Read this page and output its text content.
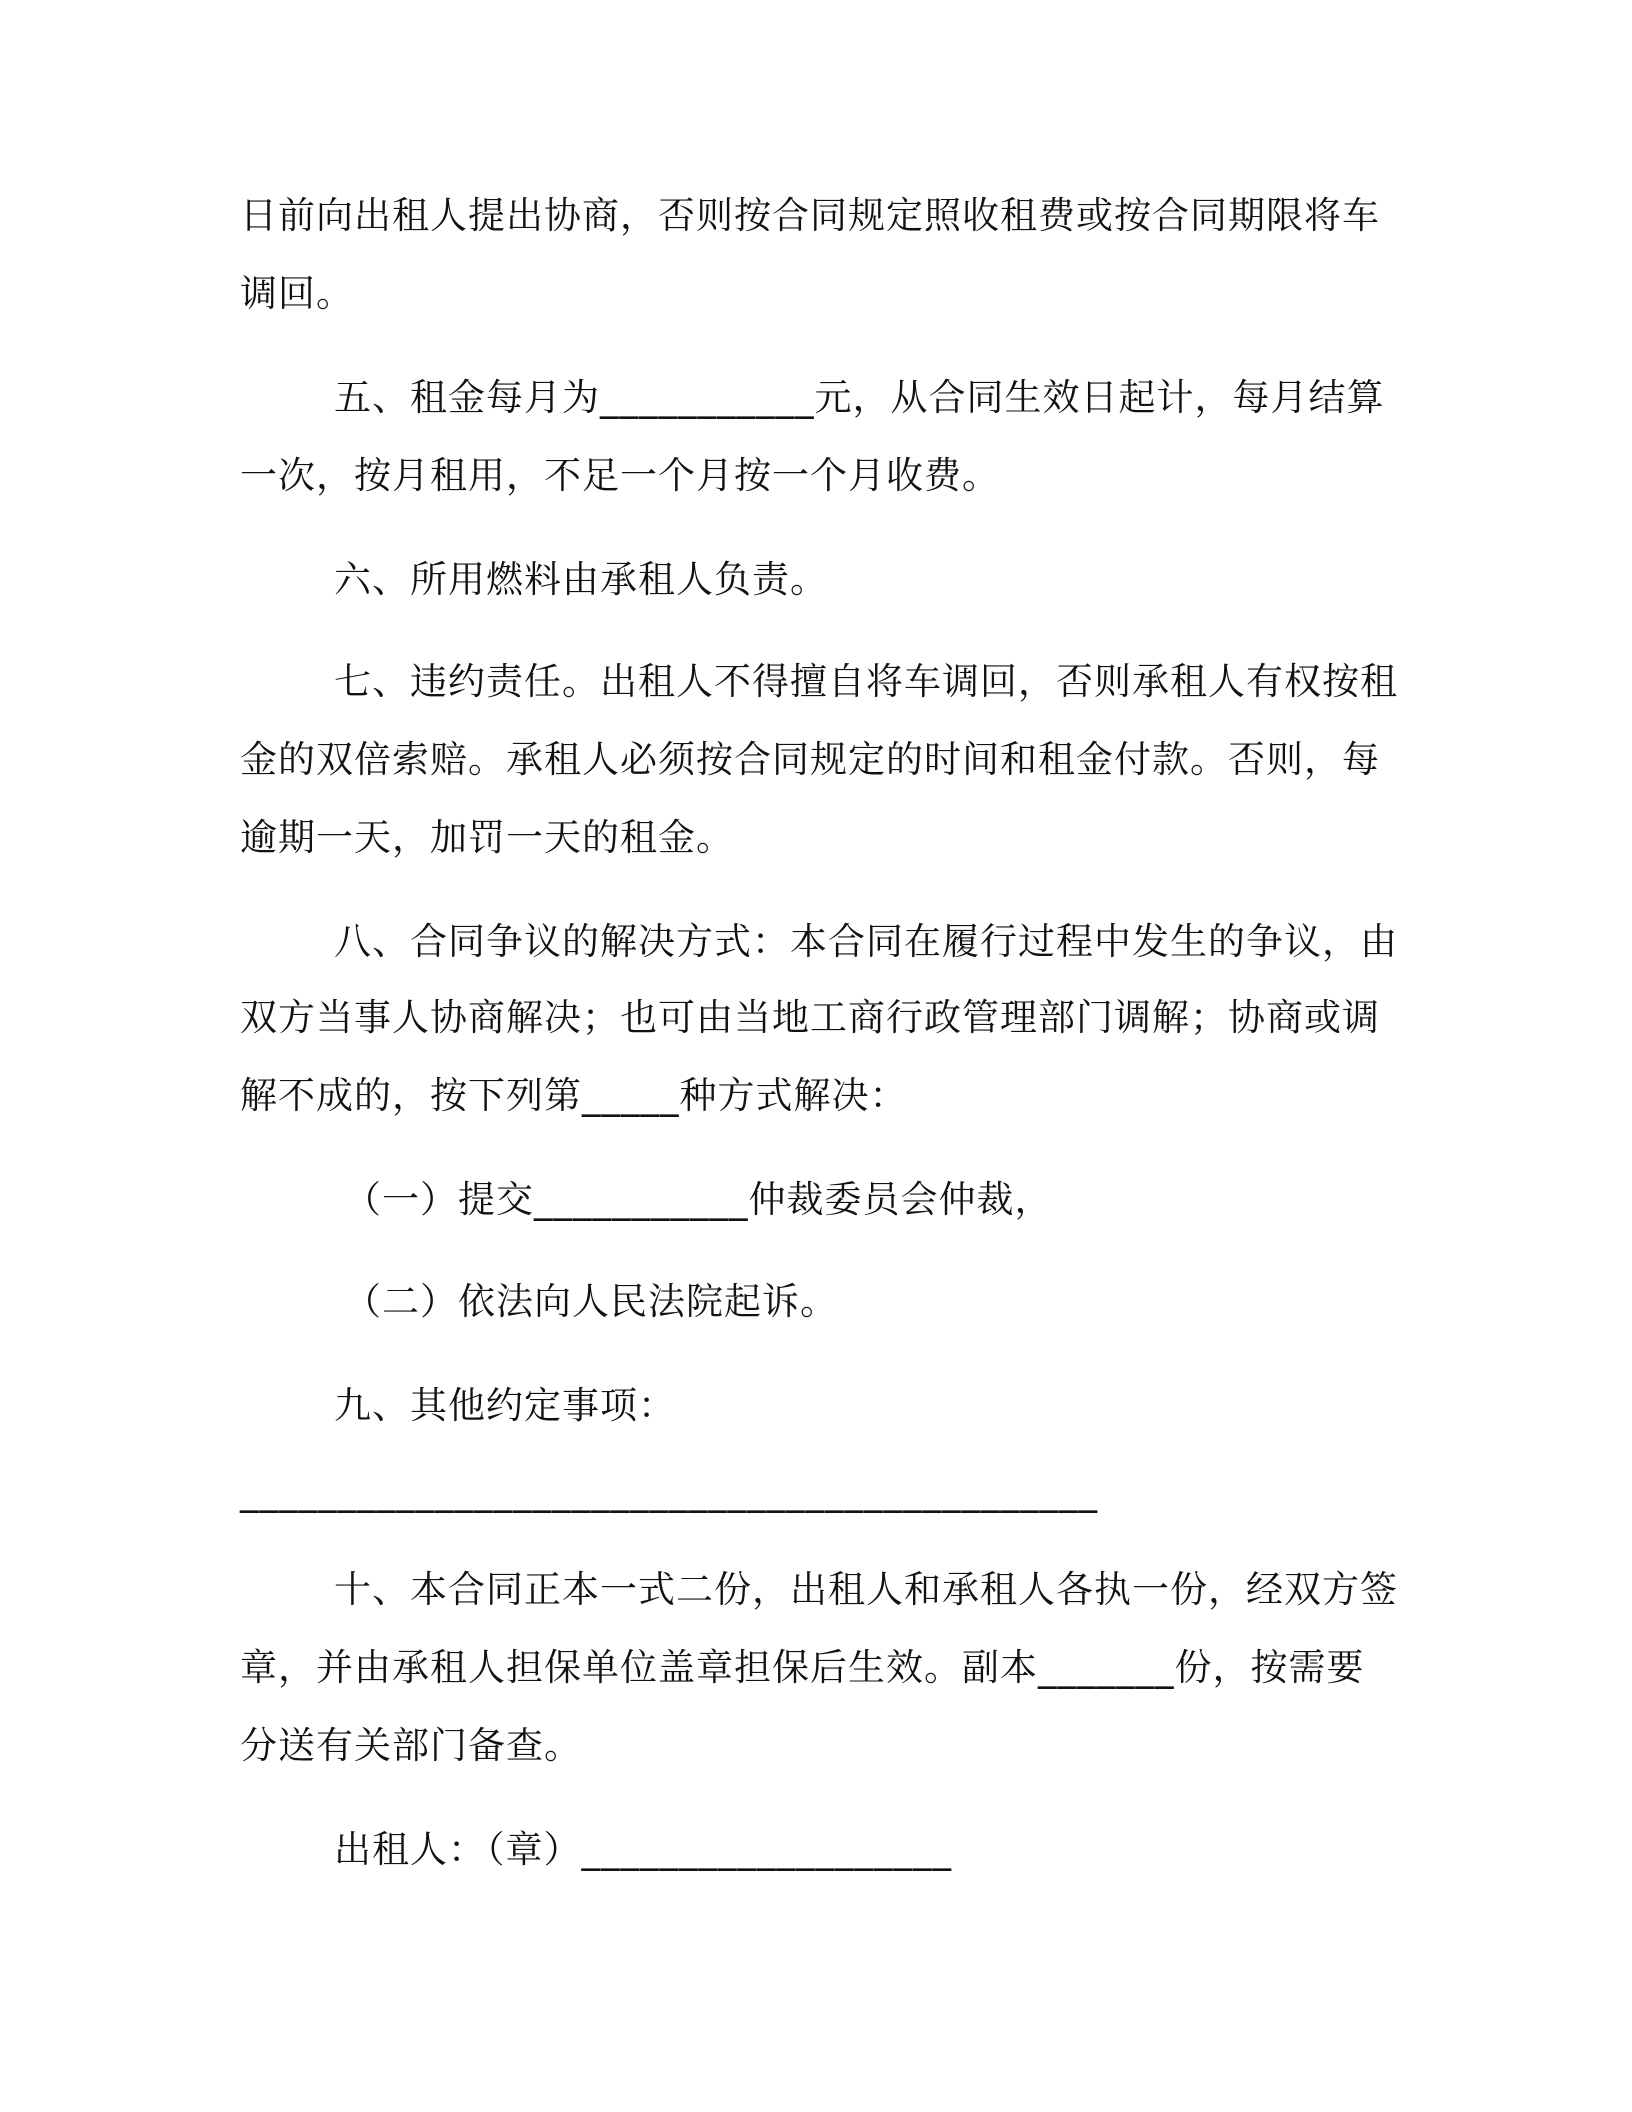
日前向出租人提出协商，否则按合同规定照收租费或按合同期限将车
调回。
五、租金每月为___________元，从合同生效日起计，每月结算
一次，按月租用，不足一个月按一个月收费。
六、所用燃料由承租人负责。
七、违约责任。出租人不得擅自将车调回，否则承租人有权按租
金的双倍索赔。承租人必须按合同规定的时间和租金付款。否则，每
逾期一天，加罚一天的租金。
八、合同争议的解决方式：本合同在履行过程中发生的争议，由
双方当事人协商解决；也可由当地工商行政管理部门调解；协商或调
解不成的，按下列第_____种方式解决：
（一）提交___________仲裁委员会仲裁，
（二）依法向人民法院起诉。
九、其他约定事项：
____________________________________________
十、本合同正本一式二份，出租人和承租人各执一份，经双方签
章，并由承租人担保单位盖章担保后生效。副本_______份，按需要
分送有关部门备查。
出租人：（章）___________________
